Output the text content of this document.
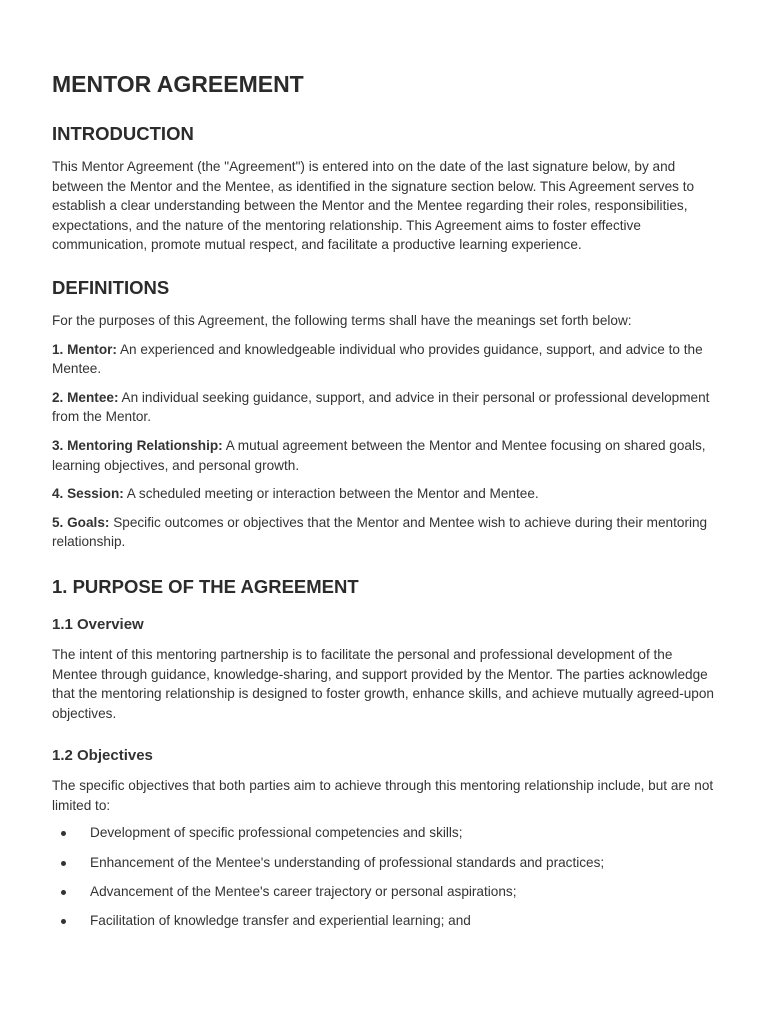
MENTOR AGREEMENT
INTRODUCTION

This Mentor Agreement (the "Agreement") is entered into on the date of the last signature below, by and between the Mentor and the Mentee, as identified in the signature section below. This Agreement serves to establish a clear understanding between the Mentor and the Mentee regarding their roles, responsibilities, expectations, and the nature of the mentoring relationship. This Agreement aims to foster effective communication, promote mutual respect, and facilitate a productive learning experience.

DEFINITIONS

For the purposes of this Agreement, the following terms shall have the meanings set forth below:

1. Mentor: An experienced and knowledgeable individual who provides guidance, support, and advice to the Mentee.

2. Mentee: An individual seeking guidance, support, and advice in their personal or professional development from the Mentor.

3. Mentoring Relationship: A mutual agreement between the Mentor and Mentee focusing on shared goals, learning objectives, and personal growth.

4. Session: A scheduled meeting or interaction between the Mentor and Mentee.

5. Goals: Specific outcomes or objectives that the Mentor and Mentee wish to achieve during their mentoring relationship.

1. PURPOSE OF THE AGREEMENT
1.1 Overview

The intent of this mentoring partnership is to facilitate the personal and professional development of the Mentee through guidance, knowledge-sharing, and support provided by the Mentor. The parties acknowledge that the mentoring relationship is designed to foster growth, enhance skills, and achieve mutually agreed-upon objectives.

1.2 Objectives

The specific objectives that both parties aim to achieve through this mentoring relationship include, but are not limited to:

Development of specific professional competencies and skills;
Enhancement of the Mentee's understanding of professional standards and practices;
Advancement of the Mentee's career trajectory or personal aspirations;
Facilitation of knowledge transfer and experiential learning; and
